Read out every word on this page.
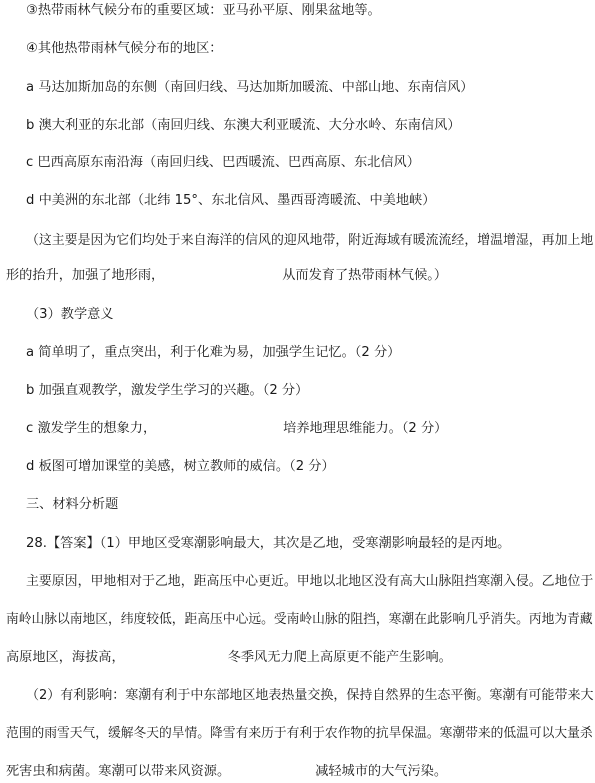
③热带雨林气候分布的重要区域：亚马孙平原、刚果盆地等。
④其他热带雨林气候分布的地区：
a 马达加斯加岛的东侧（南回归线、马达加斯加暖流、中部山地、东南信风）
b 澳大利亚的东北部（南回归线、东澳大利亚暖流、大分水岭、东南信风）
c 巴西高原东南沿海（南回归线、巴西暖流、巴西高原、东北信风）
d 中美洲的东北部（北纬 15°、东北信风、墨西哥湾暖流、中美地峡）
（这主要是因为它们均处于来自海洋的信风的迎风地带，附近海域有暖流流经，增温增湿，再加上地
形的抬升，加强了地形雨，	从而发育了热带雨林气候。）
（3）教学意义
a 简单明了，重点突出，利于化难为易，加强学生记忆。（2 分）
b 加强直观教学，激发学生学习的兴趣。（2 分）
c 激发学生的想象力，	培养地理思维能力。（2 分）
d 板图可增加课堂的美感，树立教师的威信。（2 分）
三、材料分析题
28.【答案】（1）甲地区受寒潮影响最大，其次是乙地，受寒潮影响最轻的是丙地。
主要原因，甲地相对于乙地，距高压中心更近。甲地以北地区没有高大山脉阻挡寒潮入侵。乙地位于
南岭山脉以南地区，纬度较低，距高压中心远。受南岭山脉的阻挡，寒潮在此影响几乎消失。丙地为青藏
高原地区，海拔高，	冬季风无力爬上高原更不能产生影响。
（2）有利影响：寒潮有利于中东部地区地表热量交换，保持自然界的生态平衡。寒潮有可能带来大
范围的雨雪天气，缓解冬天的旱情。降雪有来历于有利于农作物的抗旱保温。寒潮带来的低温可以大量杀
死害虫和病菌。寒潮可以带来风资源。	减轻城市的大气污染。
